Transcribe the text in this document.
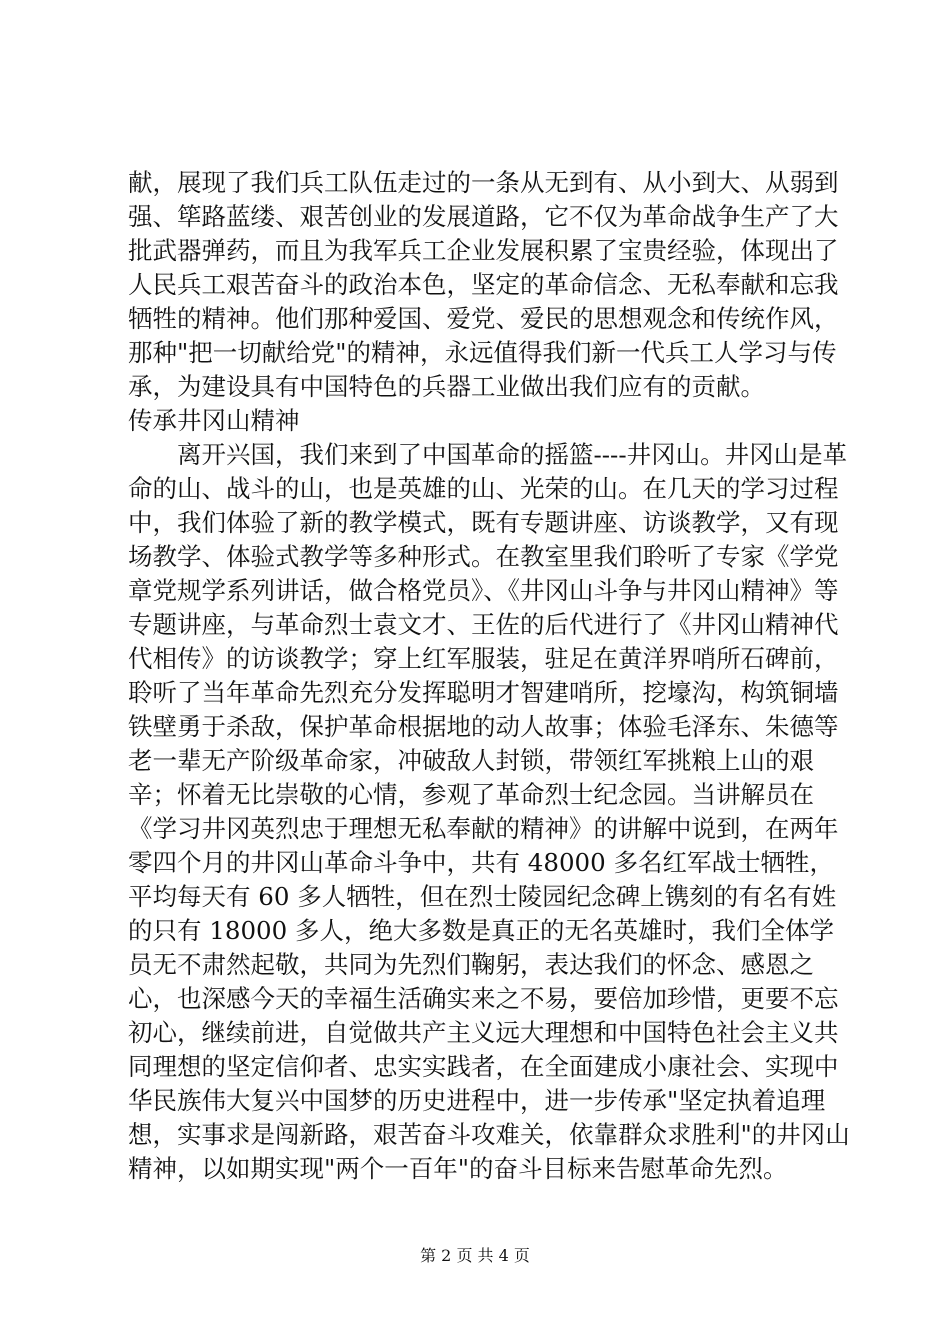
献，展现了我们兵工队伍走过的一条从无到有、从小到大、从弱到强、筚路蓝缕、艰苦创业的发展道路，它不仅为革命战争生产了大批武器弹药，而且为我军兵工企业发展积累了宝贵经验，体现出了人民兵工艰苦奋斗的政治本色，坚定的革命信念、无私奉献和忘我牺牲的精神。他们那种爱国、爱党、爱民的思想观念和传统作风，那种"把一切献给党"的精神，永远值得我们新一代兵工人学习与传承，为建设具有中国特色的兵器工业做出我们应有的贡献。

传承井冈山精神

离开兴国，我们来到了中国革命的摇篮----井冈山。井冈山是革命的山、战斗的山，也是英雄的山、光荣的山。在几天的学习过程中，我们体验了新的教学模式，既有专题讲座、访谈教学，又有现场教学、体验式教学等多种形式。在教室里我们聆听了专家《学党章党规学系列讲话，做合格党员》、《井冈山斗争与井冈山精神》等专题讲座，与革命烈士袁文才、王佐的后代进行了《井冈山精神代代相传》的访谈教学；穿上红军服装，驻足在黄洋界哨所石碑前，聆听了当年革命先烈充分发挥聪明才智建哨所，挖壕沟，构筑铜墙铁壁勇于杀敌，保护革命根据地的动人故事；体验毛泽东、朱德等老一辈无产阶级革命家，冲破敌人封锁，带领红军挑粮上山的艰辛；怀着无比崇敬的心情，参观了革命烈士纪念园。当讲解员在《学习井冈英烈忠于理想无私奉献的精神》的讲解中说到，在两年零四个月的井冈山革命斗争中，共有 48000 多名红军战士牺牲，平均每天有 60 多人牺牲，但在烈士陵园纪念碑上镌刻的有名有姓的只有 18000 多人，绝大多数是真正的无名英雄时，我们全体学员无不肃然起敬，共同为先烈们鞠躬，表达我们的怀念、感恩之心，也深感今天的幸福生活确实来之不易，要倍加珍惜，更要不忘初心，继续前进，自觉做共产主义远大理想和中国特色社会主义共同理想的坚定信仰者、忠实实践者，在全面建成小康社会、实现中华民族伟大复兴中国梦的历史进程中，进一步传承"坚定执着追理想，实事求是闯新路，艰苦奋斗攻难关，依靠群众求胜利"的井冈山精神，以如期实现"两个一百年"的奋斗目标来告慰革命先烈。

第 2 页 共 4 页
